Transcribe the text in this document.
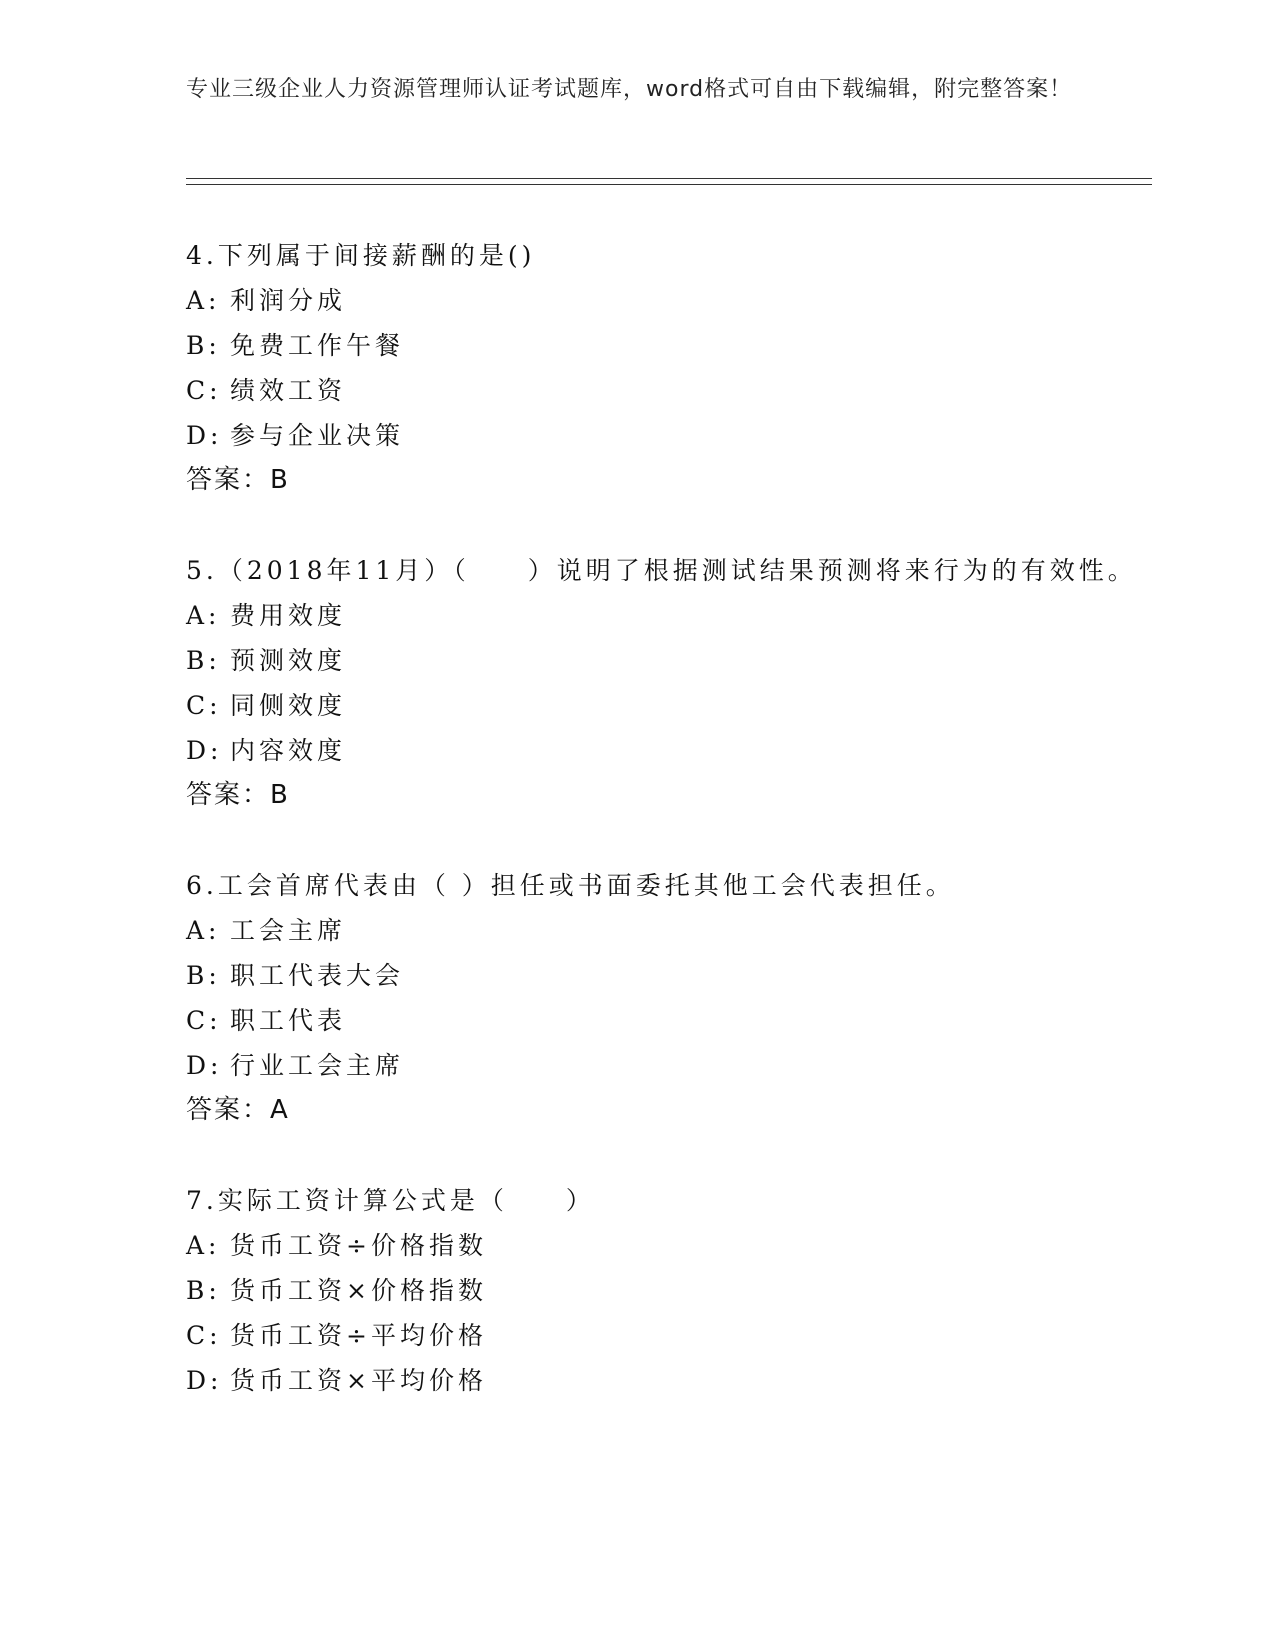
专业三级企业人力资源管理师认证考试题库，word格式可自由下载编辑，附完整答案！

4.下列属于间接薪酬的是()

A: 利润分成

B: 免费工作午餐

C: 绩效工资

D: 参与企业决策

答案：B

5.（2018年11月）（　　）说明了根据测试结果预测将来行为的有效性。

A: 费用效度

B: 预测效度

C: 同侧效度

D: 内容效度

答案：B

6.工会首席代表由（ ）担任或书面委托其他工会代表担任。

A: 工会主席

B: 职工代表大会

C: 职工代表

D: 行业工会主席

答案：A

7.实际工资计算公式是（　　）

A: 货币工资÷价格指数

B: 货币工资×价格指数

C: 货币工资÷平均价格

D: 货币工资×平均价格
